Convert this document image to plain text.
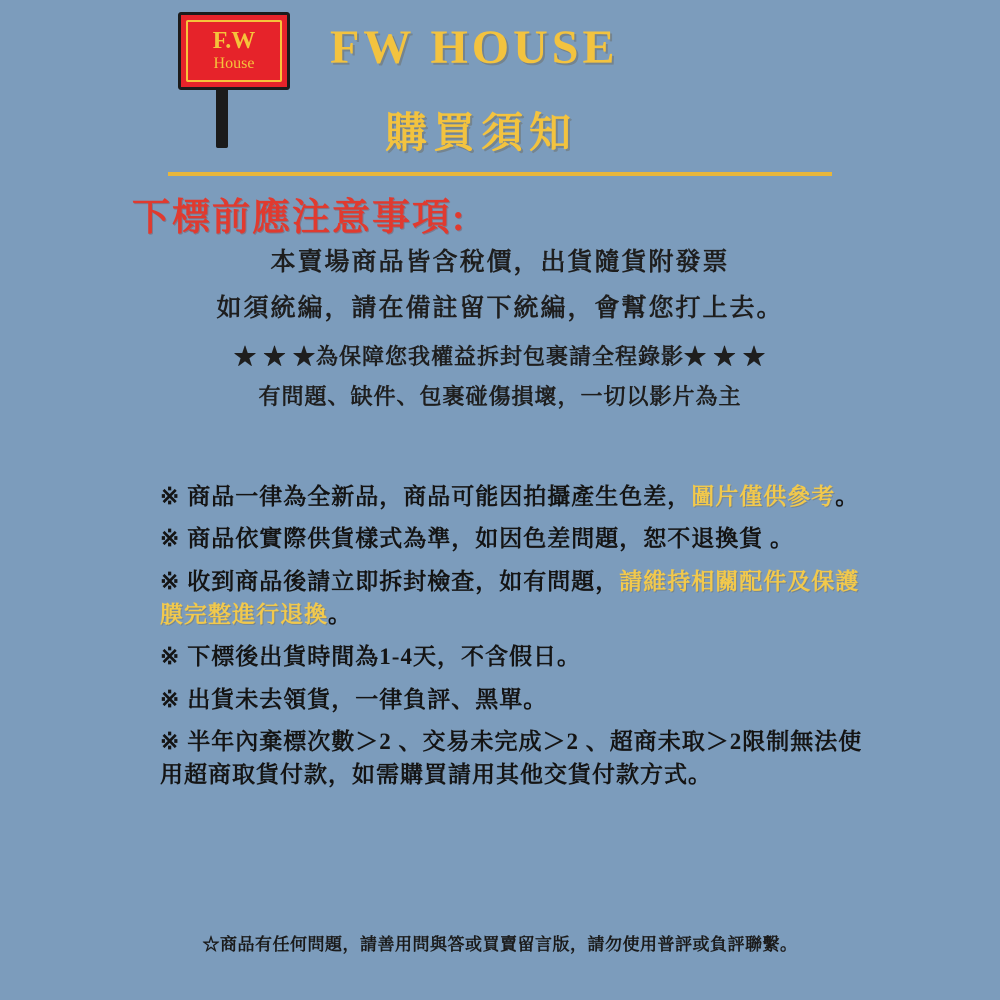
F.W
House FW HOUSE
購買須知
下標前應注意事項:
本賣場商品皆含稅價，出貨隨貨附發票
如須統編，請在備註留下統編，會幫您打上去。
★ ★ ★為保障您我權益拆封包裹請全程錄影★ ★ ★
有問題、缺件、包裹碰傷損壞，一切以影片為主
※ 商品一律為全新品，商品可能因拍攝產生色差，圖片僅供參考。
※ 商品依實際供貨樣式為準，如因色差問題，恕不退換貨 。
※ 收到商品後請立即拆封檢查，如有問題，請維持相關配件及保護膜完整進行退換。
※ 下標後出貨時間為1-4天，不含假日。
※ 出貨未去領貨，一律負評、黑單。
※ 半年內棄標次數＞2 、交易未完成＞2 、超商未取＞2限制無法使用超商取貨付款，如需購買請用其他交貨付款方式。
☆商品有任何問題，請善用問與答或買賣留言版，請勿使用普評或負評聯繫。
